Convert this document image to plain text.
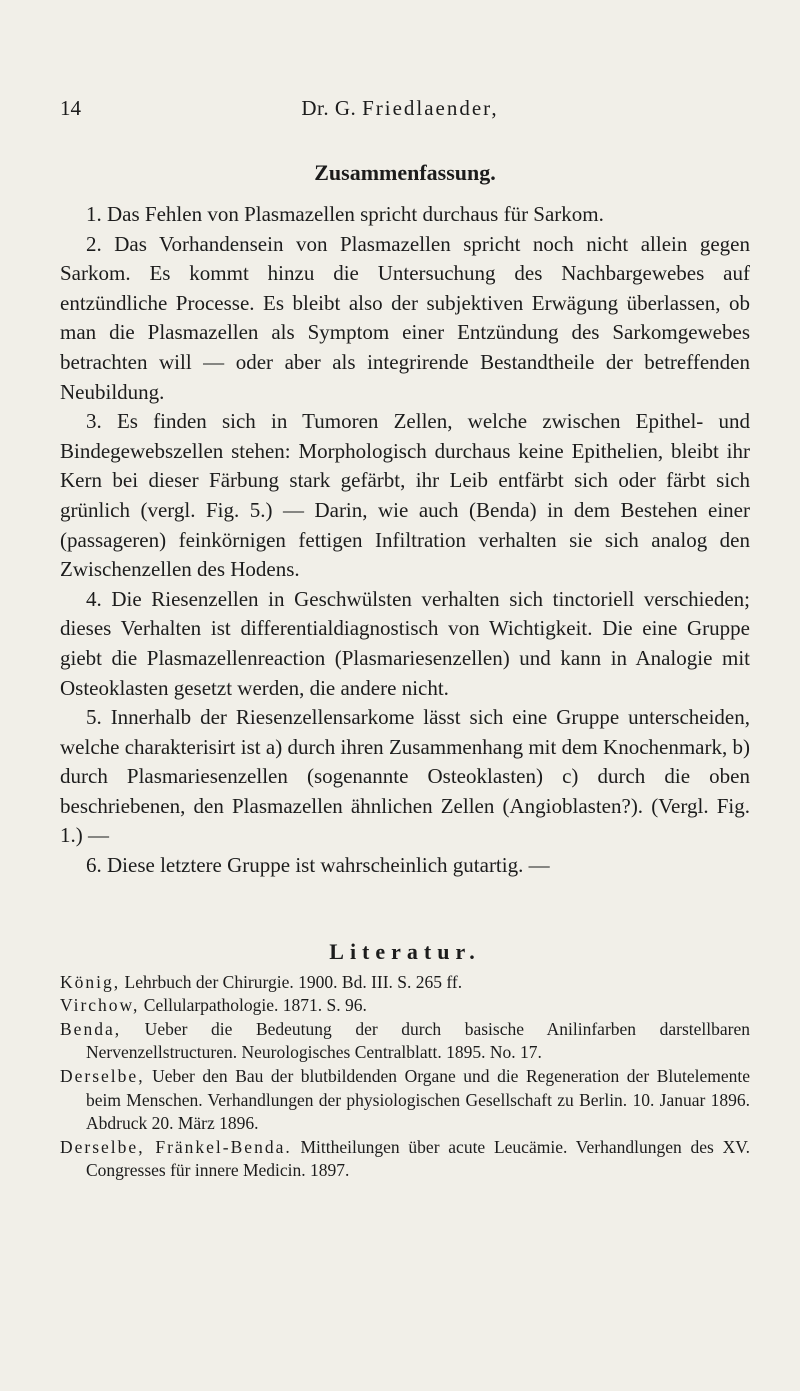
14	Dr. G. Friedlaender,
Zusammenfassung.

1. Das Fehlen von Plasmazellen spricht durchaus für Sarkom.

2. Das Vorhandensein von Plasmazellen spricht noch nicht allein gegen Sarkom. Es kommt hinzu die Untersuchung des Nachbargewebes auf entzündliche Processe. Es bleibt also der subjektiven Erwägung überlassen, ob man die Plasmazellen als Symptom einer Entzündung des Sarkomgewebes betrachten will — oder aber als integrirende Bestandtheile der betreffenden Neubildung.

3. Es finden sich in Tumoren Zellen, welche zwischen Epithel- und Bindegewebszellen stehen: Morphologisch durchaus keine Epithelien, bleibt ihr Kern bei dieser Färbung stark gefärbt, ihr Leib entfärbt sich oder färbt sich grünlich (vergl. Fig. 5.) — Darin, wie auch (Benda) in dem Bestehen einer (passageren) feinkörnigen fettigen Infiltration verhalten sie sich analog den Zwischenzellen des Hodens.

4. Die Riesenzellen in Geschwülsten verhalten sich tinctoriell verschieden; dieses Verhalten ist differentialdiagnostisch von Wichtigkeit. Die eine Gruppe giebt die Plasmazellenreaction (Plasmariesenzellen) und kann in Analogie mit Osteoklasten gesetzt werden, die andere nicht.

5. Innerhalb der Riesenzellensarkome lässt sich eine Gruppe unterscheiden, welche charakterisirt ist a) durch ihren Zusammenhang mit dem Knochenmark, b) durch Plasmariesenzellen (sogenannte Osteoklasten) c) durch die oben beschriebenen, den Plasmazellen ähnlichen Zellen (Angioblasten?). (Vergl. Fig. 1.) —

6. Diese letztere Gruppe ist wahrscheinlich gutartig. —

Literatur.

König, Lehrbuch der Chirurgie. 1900. Bd. III. S. 265 ff.

Virchow, Cellularpathologie. 1871. S. 96.

Benda, Ueber die Bedeutung der durch basische Anilinfarben darstellbaren Nervenzellstructuren. Neurologisches Centralblatt. 1895. No. 17.

Derselbe, Ueber den Bau der blutbildenden Organe und die Regeneration der Blutelemente beim Menschen. Verhandlungen der physiologischen Gesellschaft zu Berlin. 10. Januar 1896. Abdruck 20. März 1896.

Derselbe, Fränkel-Benda. Mittheilungen über acute Leucämie. Verhandlungen des XV. Congresses für innere Medicin. 1897.
